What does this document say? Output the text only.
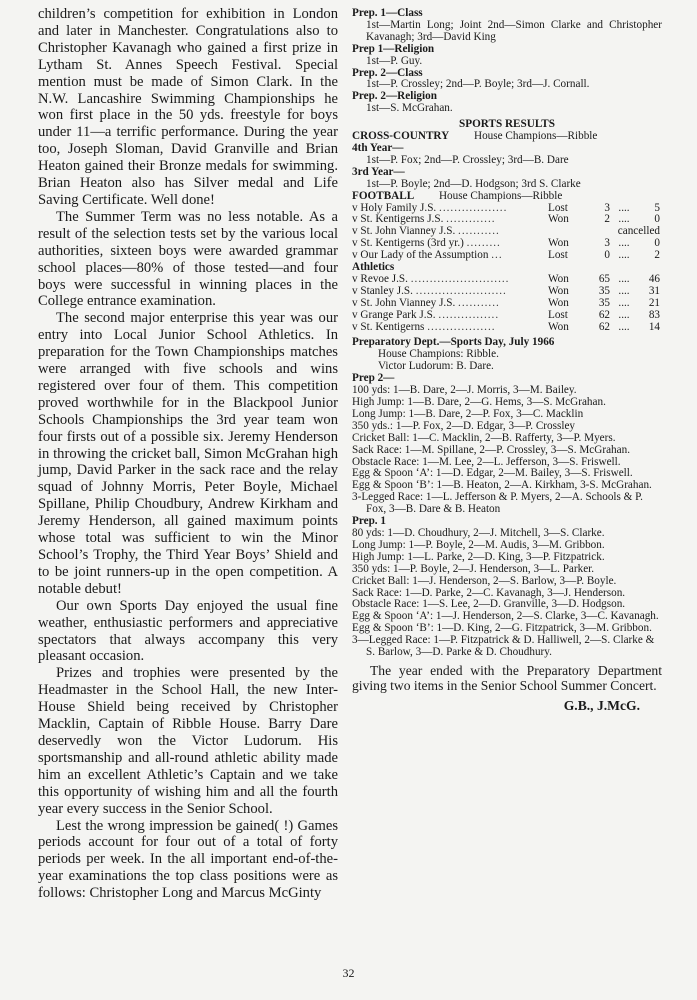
children’s competition for exhibition in London and later in Manchester. Congratulations also to Christopher Kavanagh who gained a first prize in Lytham St. Annes Speech Festival. Special mention must be made of Simon Clark. In the N.W. Lancashire Swimming Championships he won first place in the 50 yds. freestyle for boys under 11—a terrific performance. During the year too, Joseph Sloman, David Granville and Brian Heaton gained their Bronze medals for swimming. Brian Heaton also has Silver medal and Life Saving Certificate. Well done!

The Summer Term was no less notable. As a result of the selection tests set by the various local authorities, sixteen boys were awarded grammar school places—80% of those tested—and four boys were successful in winning places in the College entrance examination.

The second major enterprise this year was our entry into Local Junior School Athletics. In preparation for the Town Championships matches were arranged with five schools and wins registered over four of them. This competition proved worthwhile for in the Blackpool Junior Schools Championships the 3rd year team won four firsts out of a possible six. Jeremy Henderson in throwing the cricket ball, Simon McGrahan high jump, David Parker in the sack race and the relay squad of Johnny Morris, Peter Boyle, Michael Spillane, Philip Choudbury, Andrew Kirkham and Jeremy Henderson, all gained maximum points whose total was sufficient to win the Minor School’s Trophy, the Third Year Boys’ Shield and to be joint runners-up in the open competition. A notable debut!

Our own Sports Day enjoyed the usual fine weather, enthusiastic performers and appreciative spectators that always accompany this very pleasant occasion.

Prizes and trophies were presented by the Headmaster in the School Hall, the new Inter-House Shield being received by Christopher Macklin, Captain of Ribble House. Barry Dare deservedly won the Victor Ludorum. His sportsmanship and all-round athletic ability made him an excellent Athletic’s Captain and we take this opportunity of wishing him and all the fourth year every success in the Senior School.

Lest the wrong impression be gained( !) Games periods account for four out of a total of forty periods per week. In the all important end-of-the-year examinations the top class positions were as follows: Christopher Long and Marcus McGinty

Prep. 1—Class
1st—Martin Long; Joint 2nd—Simon Clarke and Christopher Kavanagh; 3rd—David King
Prep 1—Religion
1st—P. Guy.
Prep. 2—Class
1st—P. Crossley; 2nd—P. Boyle; 3rd—J. Cornall.
Prep. 2—Religion
1st—S. McGrahan.
SPORTS RESULTS
CROSS-COUNTRY House Champions—Ribble
4th Year—
1st—P. Fox; 2nd—P. Crossley; 3rd—B. Dare
3rd Year—
1st—P. Boyle; 2nd—D. Hodgson; 3rd S. Clarke
FOOTBALL House Champions—Ribble
v Holy Family J.S. ..................	Lost	3	....	5
v St. Kentigerns J.S. .............	Won	2	....	0
v St. John Vianney J.S. ...........	cancelled			
v St. Kentigerns (3rd yr.) .........	Won	3	....	0
v Our Lady of the Assumption ...	Lost	0	....	2
Athletics
v Revoe J.S. ..........................	Won	65	....	46
v Stanley J.S. ........................	Won	35	....	31
v St. John Vianney J.S. ...........	Won	35	....	21
v Grange Park J.S. ................	Lost	62	....	83
v St. Kentigerns ..................	Won	62	....	14
Preparatory Dept.—Sports Day, July 1966
House Champions: Ribble.
Victor Ludorum: B. Dare.
Prep 2—
100 yds: 1—B. Dare, 2—J. Morris, 3—M. Bailey.
High Jump: 1—B. Dare, 2—G. Hems, 3—S. McGrahan.
Long Jump: 1—B. Dare, 2—P. Fox, 3—C. Macklin
350 yds.: 1—P. Fox, 2—D. Edgar, 3—P. Crossley
Cricket Ball: 1—C. Macklin, 2—B. Rafferty, 3—P. Myers.
Sack Race: 1—M. Spillane, 2—P. Crossley, 3—S. McGrahan.
Obstacle Race: 1—M. Lee, 2—L. Jefferson, 3—S. Friswell.
Egg & Spoon ‘A’: 1—D. Edgar, 2—M. Bailey, 3—S. Friswell.
Egg & Spoon ‘B’: 1—B. Heaton, 2—A. Kirkham, 3-S. McGrahan.
3-Legged Race: 1—L. Jefferson & P. Myers, 2—A. Schools & P. Fox, 3—B. Dare & B. Heaton
Prep. 1
80 yds: 1—D. Choudhury, 2—J. Mitchell, 3—S. Clarke.
Long Jump: 1—P. Boyle, 2—M. Audis, 3—M. Gribbon.
High Jump: 1—L. Parke, 2—D. King, 3—P. Fitzpatrick.
350 yds: 1—P. Boyle, 2—J. Henderson, 3—L. Parker.
Cricket Ball: 1—J. Henderson, 2—S. Barlow, 3—P. Boyle.
Sack Race: 1—D. Parke, 2—C. Kavanagh, 3—J. Henderson.
Obstacle Race: 1—S. Lee, 2—D. Granville, 3—D. Hodgson.
Egg & Spoon ‘A’: 1—J. Henderson, 2—S. Clarke, 3—C. Kavanagh.
Egg & Spoon ‘B’: 1—D. King, 2—G. Fitzpatrick, 3—M. Gribbon.
3—Legged Race: 1—P. Fitzpatrick & D. Halliwell, 2—S. Clarke & S. Barlow, 3—D. Parke & D. Choudhury.

The year ended with the Preparatory Department giving two items in the Senior School Summer Concert.

G.B., J.McG.
32
